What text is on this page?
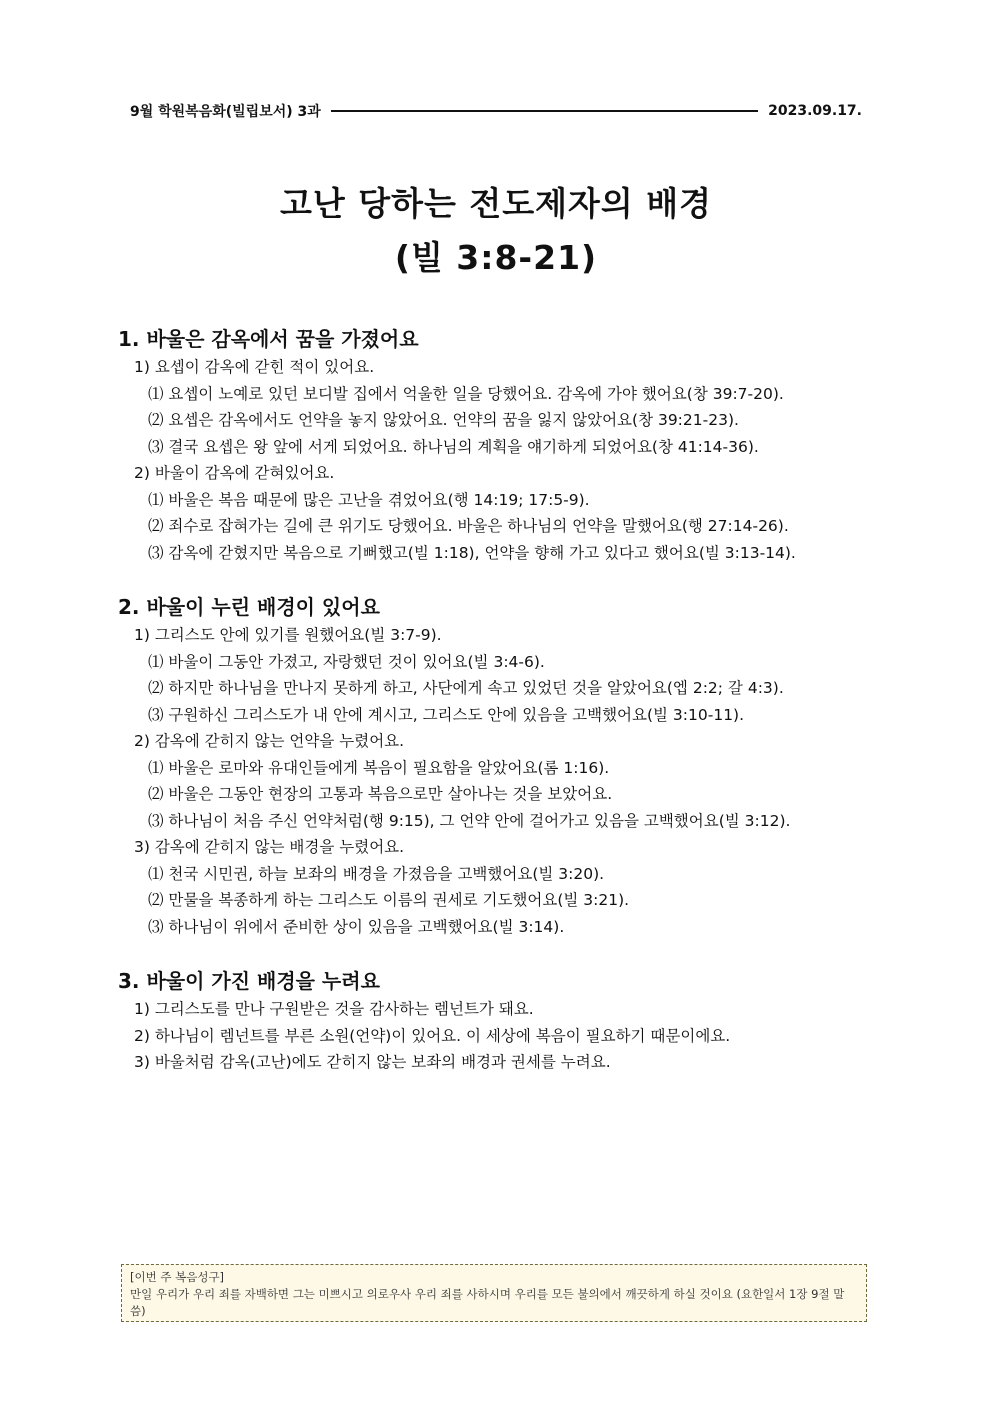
9월 학원복음화(빌립보서) 3과	2023.09.17.
고난 당하는 전도제자의 배경
(빌 3:8-21)
1. 바울은 감옥에서 꿈을 가졌어요
1) 요셉이 감옥에 갇힌 적이 있어요.
⑴ 요셉이 노예로 있던 보디발 집에서 억울한 일을 당했어요. 감옥에 가야 했어요(창 39:7-20).
⑵ 요셉은 감옥에서도 언약을 놓지 않았어요. 언약의 꿈을 잃지 않았어요(창 39:21-23).
⑶ 결국 요셉은 왕 앞에 서게 되었어요. 하나님의 계획을 얘기하게 되었어요(창 41:14-36).
2) 바울이 감옥에 갇혀있어요.
⑴ 바울은 복음 때문에 많은 고난을 겪었어요(행 14:19; 17:5-9).
⑵ 죄수로 잡혀가는 길에 큰 위기도 당했어요. 바울은 하나님의 언약을 말했어요(행 27:14-26).
⑶ 감옥에 갇혔지만 복음으로 기뻐했고(빌 1:18), 언약을 향해 가고 있다고 했어요(빌 3:13-14).
2. 바울이 누린 배경이 있어요
1) 그리스도 안에 있기를 원했어요(빌 3:7-9).
⑴ 바울이 그동안 가졌고, 자랑했던 것이 있어요(빌 3:4-6).
⑵ 하지만 하나님을 만나지 못하게 하고, 사단에게 속고 있었던 것을 알았어요(엡 2:2; 갈 4:3).
⑶ 구원하신 그리스도가 내 안에 계시고, 그리스도 안에 있음을 고백했어요(빌 3:10-11).
2) 감옥에 갇히지 않는 언약을 누렸어요.
⑴ 바울은 로마와 유대인들에게 복음이 필요함을 알았어요(롬 1:16).
⑵ 바울은 그동안 현장의 고통과 복음으로만 살아나는 것을 보았어요.
⑶ 하나님이 처음 주신 언약처럼(행 9:15), 그 언약 안에 걸어가고 있음을 고백했어요(빌 3:12).
3) 감옥에 갇히지 않는 배경을 누렸어요.
⑴ 천국 시민권, 하늘 보좌의 배경을 가졌음을 고백했어요(빌 3:20).
⑵ 만물을 복종하게 하는 그리스도 이름의 권세로 기도했어요(빌 3:21).
⑶ 하나님이 위에서 준비한 상이 있음을 고백했어요(빌 3:14).
3. 바울이 가진 배경을 누려요
1) 그리스도를 만나 구원받은 것을 감사하는 렘넌트가 돼요.
2) 하나님이 렘넌트를 부른 소원(언약)이 있어요. 이 세상에 복음이 필요하기 때문이에요.
3) 바울처럼 감옥(고난)에도 갇히지 않는 보좌의 배경과 권세를 누려요.
[이번 주 복음성구]
만일 우리가 우리 죄를 자백하면 그는 미쁘시고 의로우사 우리 죄를 사하시며 우리를 모든 불의에서 깨끗하게 하실 것이요 (요한일서 1장 9절 말씀)
